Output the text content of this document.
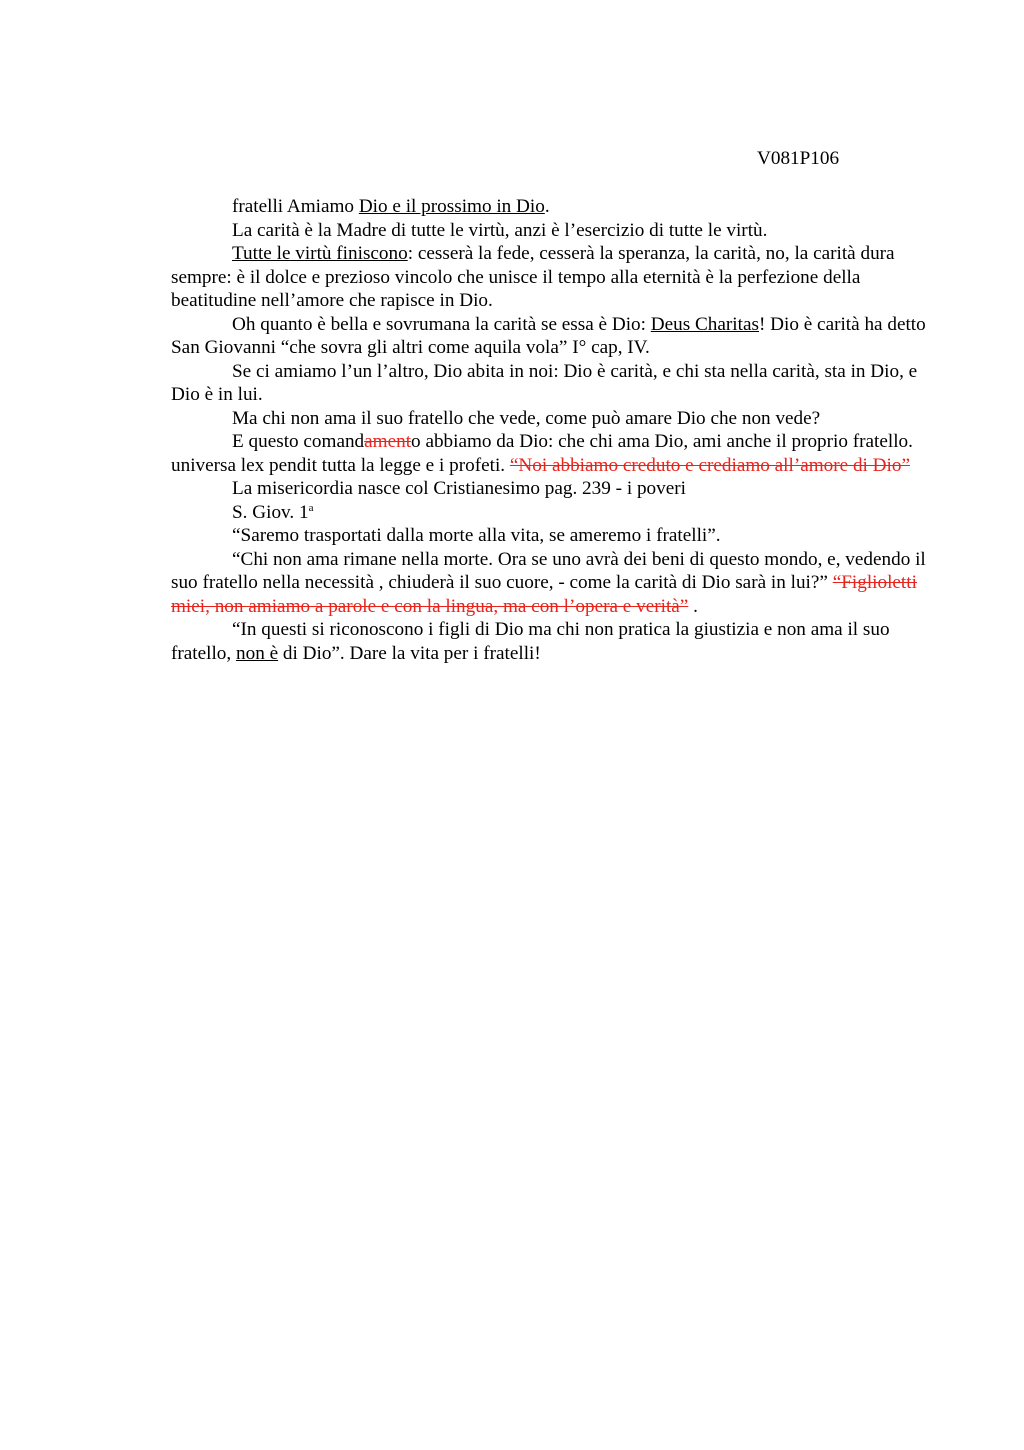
V081P106

fratelli Amiamo Dio e il prossimo in Dio.

La carità è la Madre di tutte le virtù, anzi è l’esercizio di tutte le virtù.

Tutte le virtù finiscono: cesserà la fede, cesserà la speranza, la carità, no, la carità dura sempre: è il dolce e prezioso vincolo che unisce il tempo alla eternità è la perfezione della beatitudine nell’amore che rapisce in Dio.

Oh quanto è bella e sovrumana la carità se essa è Dio: Deus Charitas! Dio è carità ha detto San Giovanni “che sovra gli altri come aquila vola” I° cap, IV.

Se ci amiamo l’un l’altro, Dio abita in noi: Dio è carità, e chi sta nella carità, sta in Dio, e Dio è in lui.

Ma chi non ama il suo fratello che vede, come può amare Dio che non vede?

E questo comandamento abbiamo da Dio: che chi ama Dio, ami anche il proprio fratello. universa lex pendit tutta la legge e i profeti. “Noi abbiamo creduto e crediamo all’amore di Dio”

La misericordia nasce col Cristianesimo pag. 239 - i poveri

S. Giov. 1$^a$

“Saremo trasportati dalla morte alla vita, se ameremo i fratelli”.

“Chi non ama rimane nella morte. Ora se uno avrà dei beni di questo mondo, e, vedendo il suo fratello nella necessità , chiuderà il suo cuore, - come la carità di Dio sarà in lui?” “Figlioletti miei, non amiamo a parole e con la lingua, ma con l’opera e verità” .

“In questi si riconoscono i figli di Dio ma chi non pratica la giustizia e non ama il suo fratello, non è di Dio”. Dare la vita per i fratelli!
